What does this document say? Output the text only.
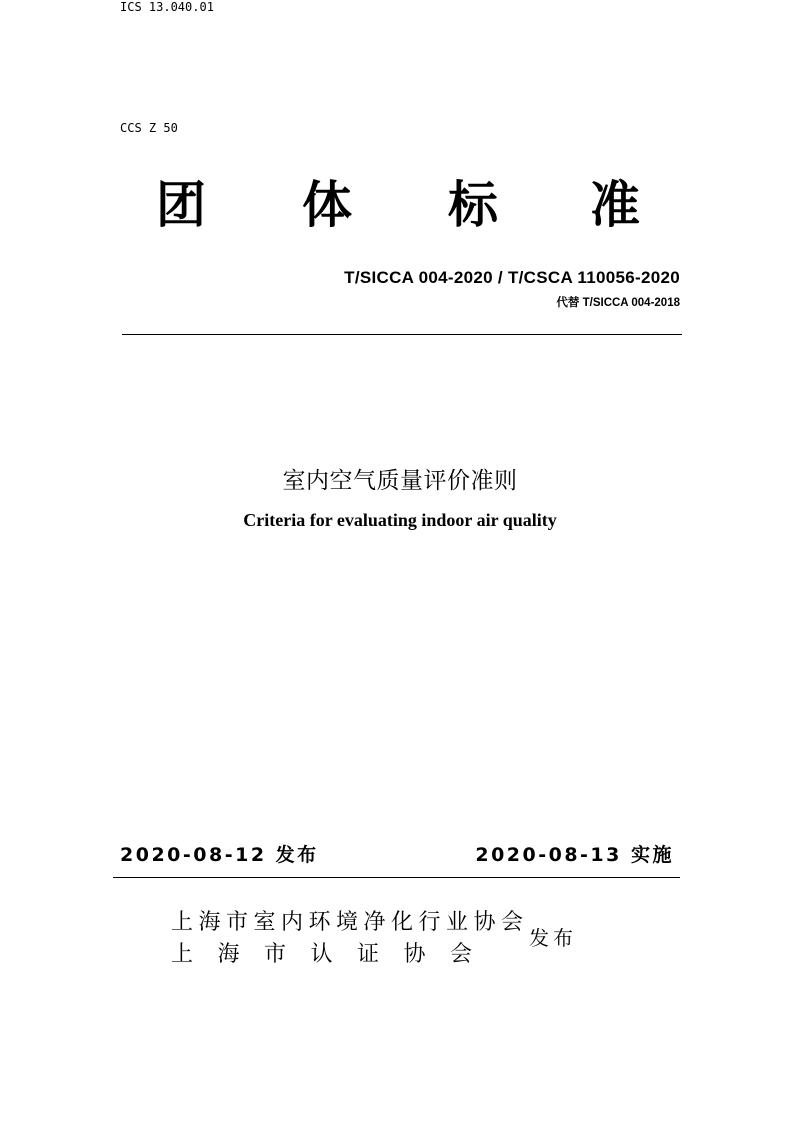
ICS 13.040.01
CCS Z 50
团 体 标 准
T/SICCA 004-2020 / T/CSCA 110056-2020
代替 T/SICCA 004-2018
室内空气质量评价准则
Criteria for evaluating indoor air quality
2020-08-12 发布	2020-08-13 实施
上海市室内环境净化行业协会
上海市认证协会
发布
